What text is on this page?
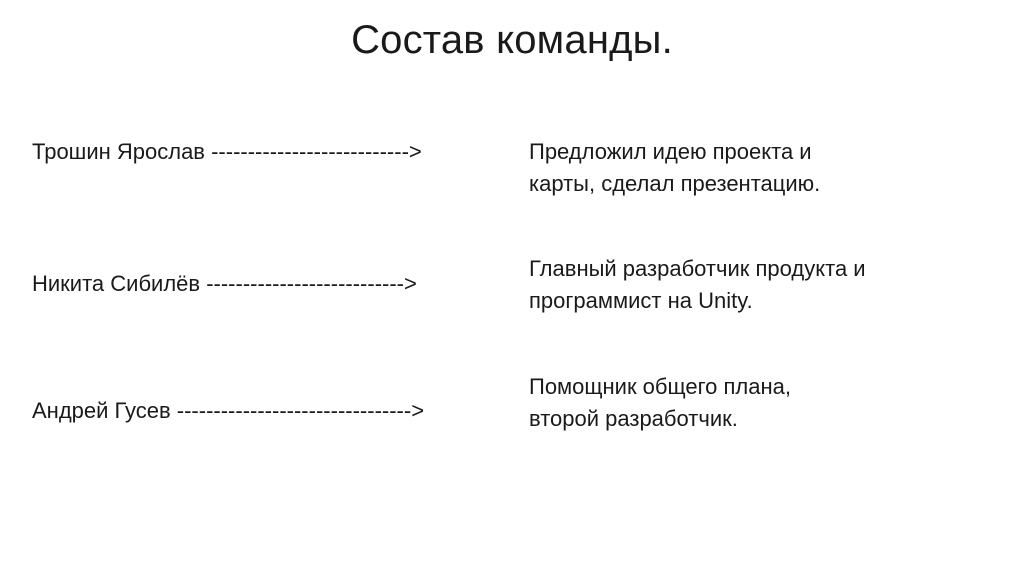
Состав команды.
Трошин Ярослав --------------------------->	Предложил идею проекта и
карты, сделал презентацию.
Никита Сибилёв --------------------------->
Главный разработчик продукта и
программист на Unity.
Андрей Гусев -------------------------------->
Помощник общего плана,
второй разработчик.
